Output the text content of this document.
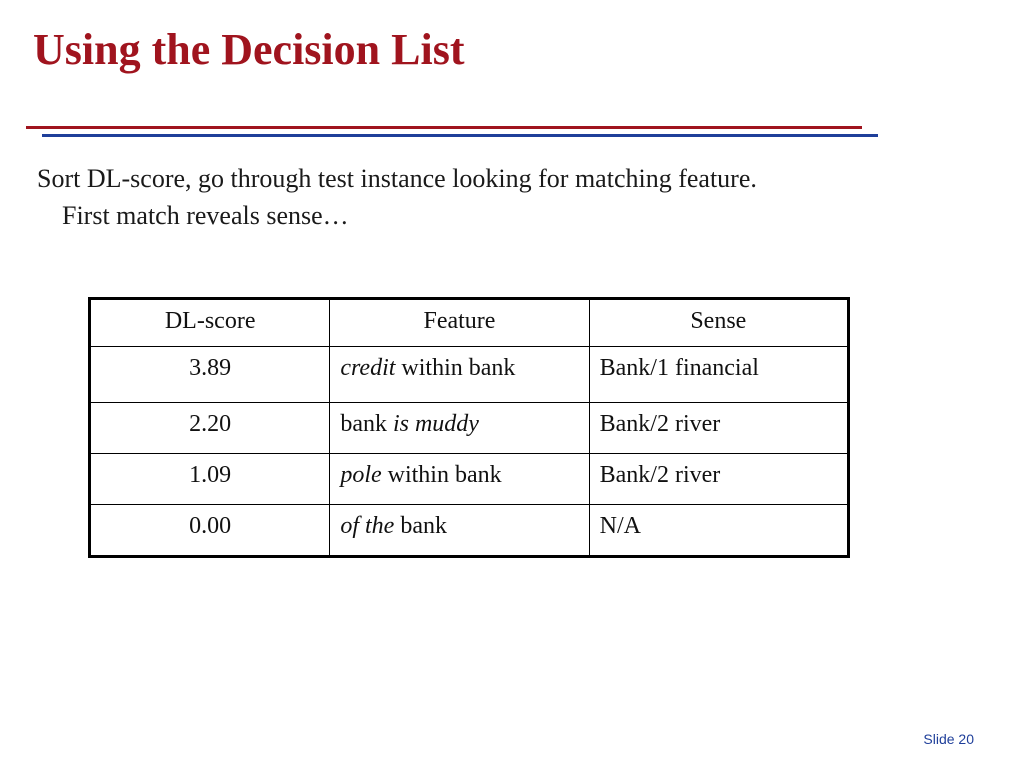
Using the Decision List

Sort DL-score, go through test instance looking for matching feature.
First match reveals sense…

DL-score	Feature	Sense
3.89	credit within bank	Bank/1 financial
2.20	bank is muddy	Bank/2 river
1.09	pole within bank	Bank/2 river
0.00	of the bank	N/A
Slide 20
